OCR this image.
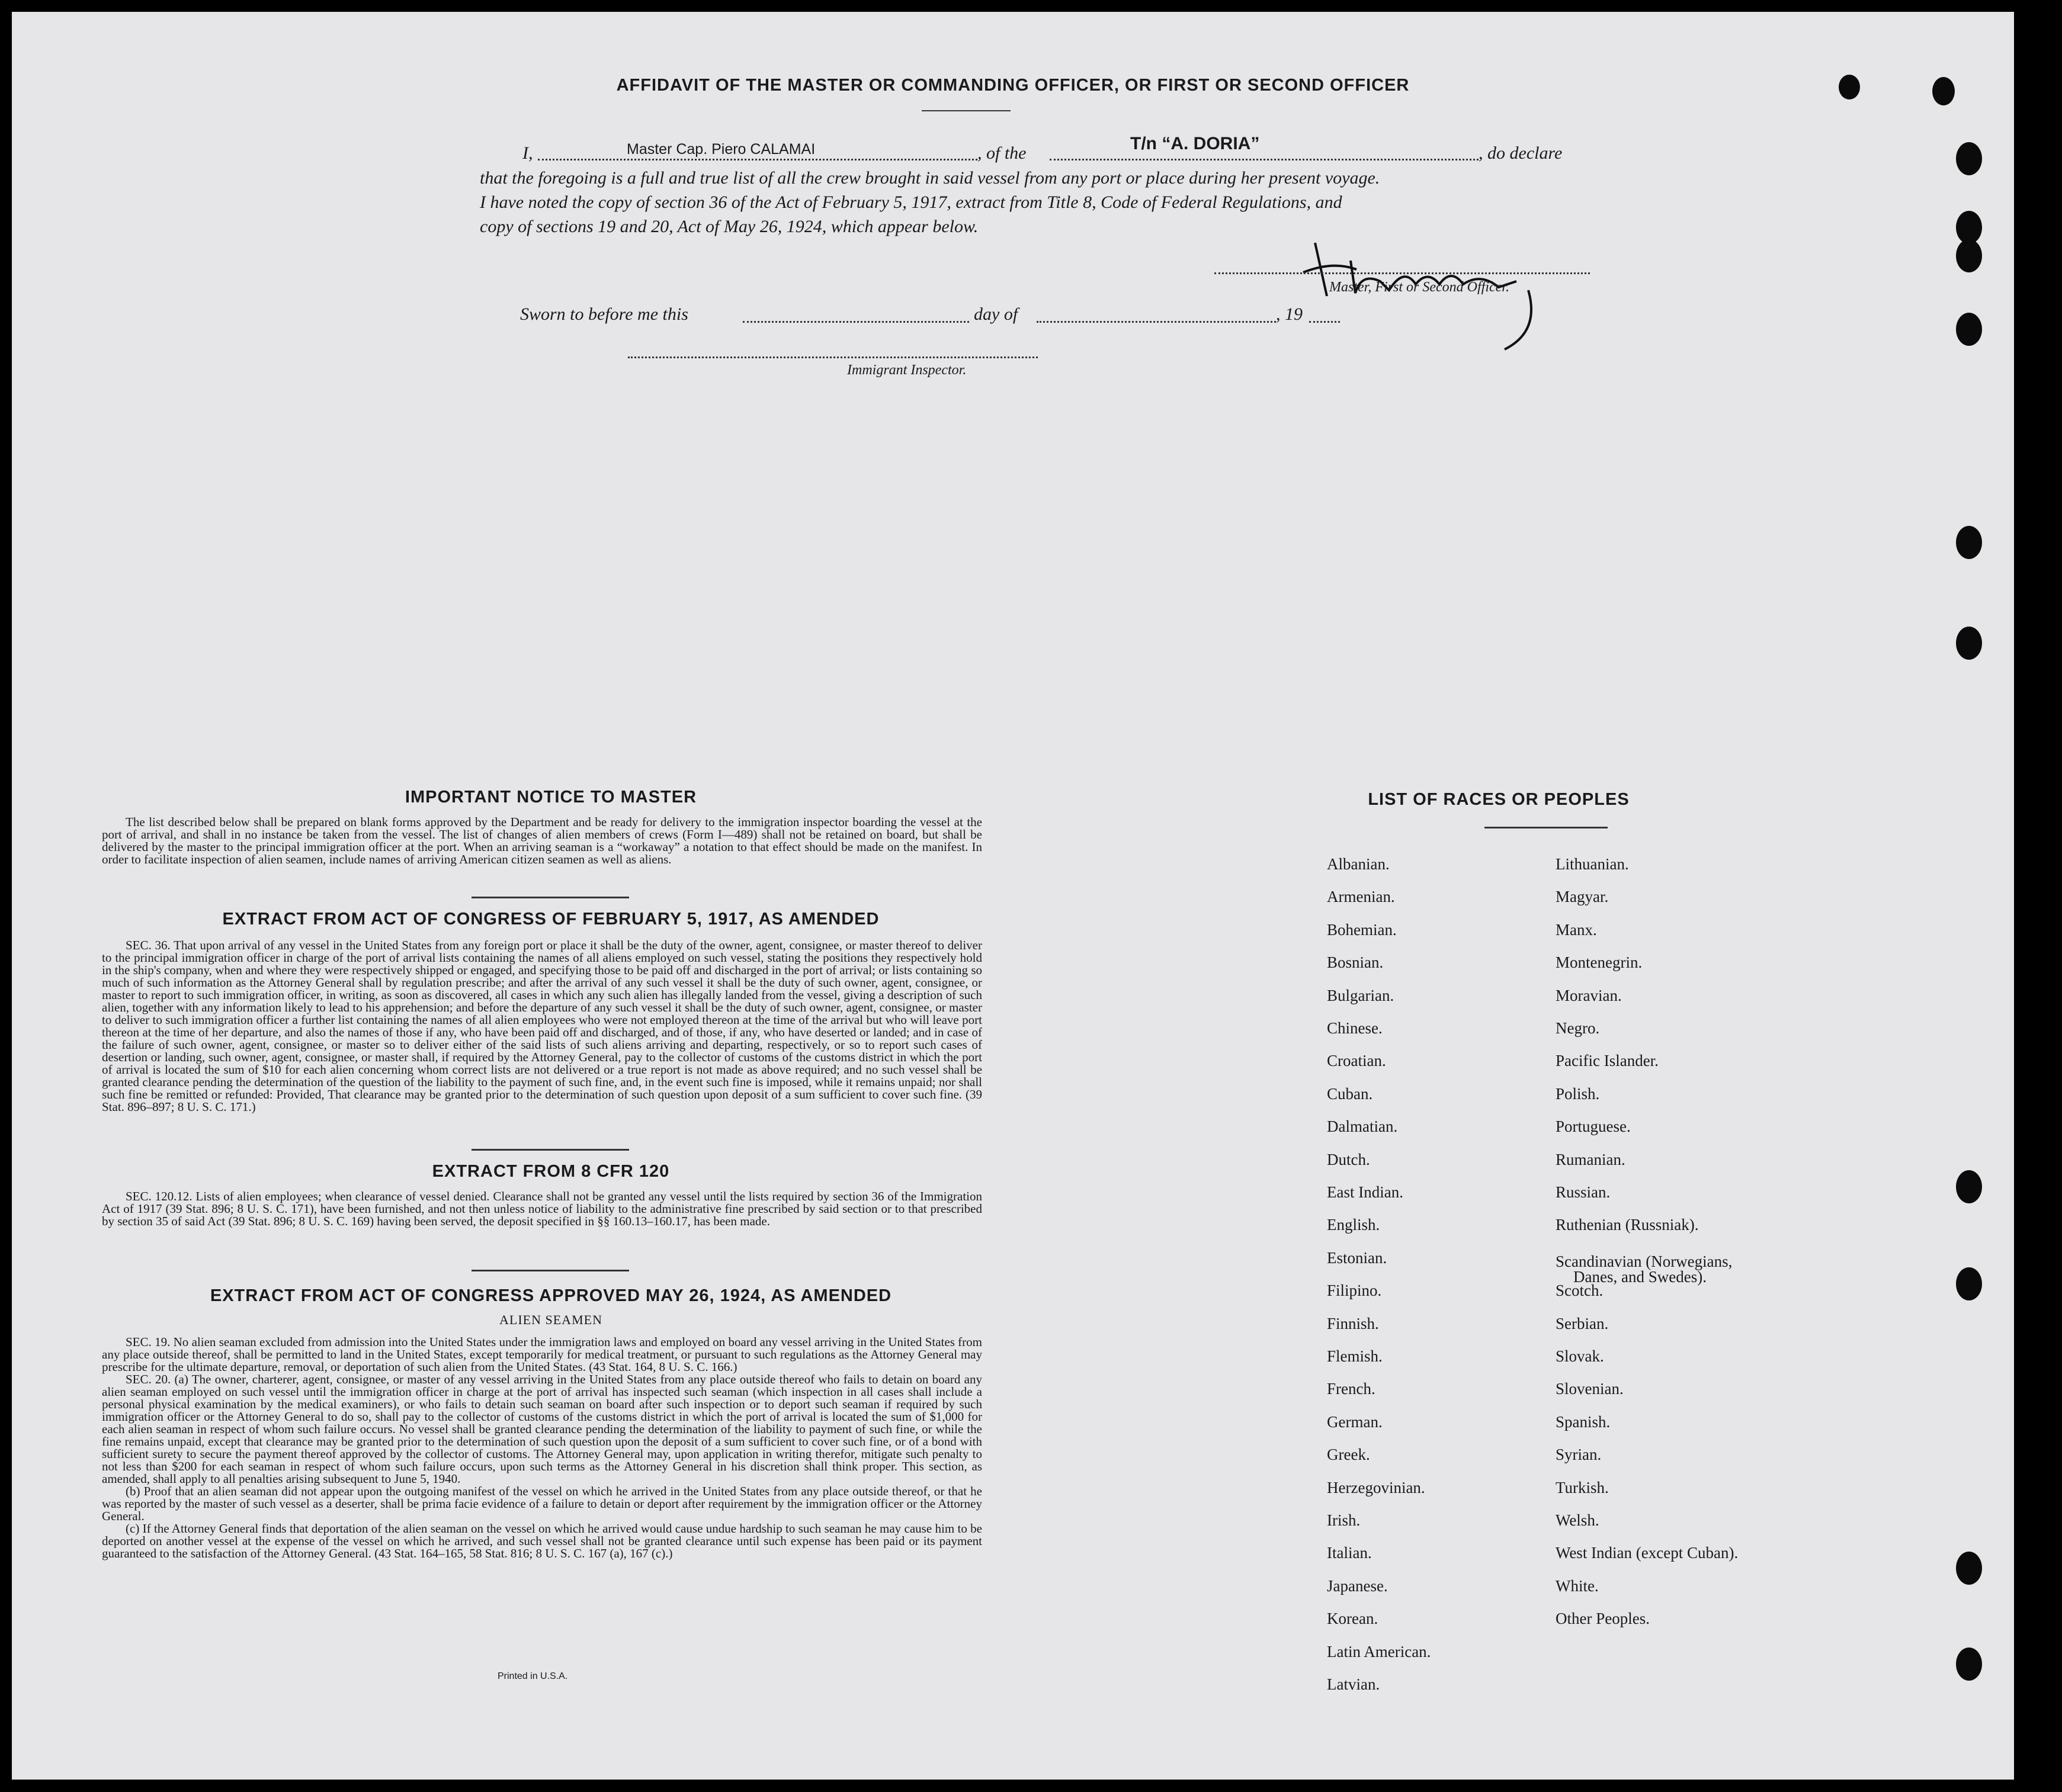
AFFIDAVIT OF THE MASTER OR COMMANDING OFFICER, OR FIRST OR SECOND OFFICER
I,	Master Cap. Piero CALAMAI	, of the	T/n “A. DORIA”	, do declare
that the foregoing is a full and true list of all the crew brought in said vessel from any port or place during her present voyage.
I have noted the copy of section 36 of the Act of February 5, 1917, extract from Title 8, Code of Federal Regulations, and
copy of sections 19 and 20, Act of May 26, 1924, which appear below.
Master, First or Second Officer.
Sworn to before me this	day of	, 19
Immigrant Inspector.
IMPORTANT NOTICE TO MASTER
The list described below shall be prepared on blank forms approved by the Department and be ready for delivery to the immigration inspector boarding the vessel at the port of arrival, and shall in no instance be taken from the vessel. The list of changes of alien members of crews (Form I—489) shall not be retained on board, but shall be delivered by the master to the principal immigration officer at the port. When an arriving seaman is a “workaway” a notation to that effect should be made on the manifest. In order to facilitate inspection of alien seamen, include names of arriving American citizen seamen as well as aliens.
EXTRACT FROM ACT OF CONGRESS OF FEBRUARY 5, 1917, AS AMENDED
SEC. 36. That upon arrival of any vessel in the United States from any foreign port or place it shall be the duty of the owner, agent, consignee, or master thereof to deliver to the principal immigration officer in charge of the port of arrival lists containing the names of all aliens employed on such vessel, stating the positions they respectively hold in the ship's company, when and where they were respectively shipped or engaged, and specifying those to be paid off and discharged in the port of arrival; or lists containing so much of such information as the Attorney General shall by regulation prescribe; and after the arrival of any such vessel it shall be the duty of such owner, agent, consignee, or master to report to such immigration officer, in writing, as soon as discovered, all cases in which any such alien has illegally landed from the vessel, giving a description of such alien, together with any information likely to lead to his apprehension; and before the departure of any such vessel it shall be the duty of such owner, agent, consignee, or master to deliver to such immigration officer a further list containing the names of all alien employees who were not employed thereon at the time of the arrival but who will leave port thereon at the time of her departure, and also the names of those if any, who have been paid off and discharged, and of those, if any, who have deserted or landed; and in case of the failure of such owner, agent, consignee, or master so to deliver either of the said lists of such aliens arriving and departing, respectively, or so to report such cases of desertion or landing, such owner, agent, consignee, or master shall, if required by the Attorney General, pay to the collector of customs of the customs district in which the port of arrival is located the sum of $10 for each alien concerning whom correct lists are not delivered or a true report is not made as above required; and no such vessel shall be granted clearance pending the determination of the question of the liability to the payment of such fine, and, in the event such fine is imposed, while it remains unpaid; nor shall such fine be remitted or refunded: Provided, That clearance may be granted prior to the determination of such question upon deposit of a sum sufficient to cover such fine. (39 Stat. 896–897; 8 U. S. C. 171.)
EXTRACT FROM 8 CFR 120
SEC. 120.12. Lists of alien employees; when clearance of vessel denied. Clearance shall not be granted any vessel until the lists required by section 36 of the Immigration Act of 1917 (39 Stat. 896; 8 U. S. C. 171), have been furnished, and not then unless notice of liability to the administrative fine prescribed by said section or to that prescribed by section 35 of said Act (39 Stat. 896; 8 U. S. C. 169) having been served, the deposit specified in §§ 160.13–160.17, has been made.
EXTRACT FROM ACT OF CONGRESS APPROVED MAY 26, 1924, AS AMENDED
ALIEN SEAMEN
SEC. 19. No alien seaman excluded from admission into the United States under the immigration laws and employed on board any vessel arriving in the United States from any place outside thereof, shall be permitted to land in the United States, except temporarily for medical treatment, or pursuant to such regulations as the Attorney General may prescribe for the ultimate departure, removal, or deportation of such alien from the United States. (43 Stat. 164, 8 U. S. C. 166.)
SEC. 20. (a) The owner, charterer, agent, consignee, or master of any vessel arriving in the United States from any place outside thereof who fails to detain on board any alien seaman employed on such vessel until the immigration officer in charge at the port of arrival has inspected such seaman (which inspection in all cases shall include a personal physical examination by the medical examiners), or who fails to detain such seaman on board after such inspection or to deport such seaman if required by such immigration officer or the Attorney General to do so, shall pay to the collector of customs of the customs district in which the port of arrival is located the sum of $1,000 for each alien seaman in respect of whom such failure occurs. No vessel shall be granted clearance pending the determination of the liability to payment of such fine, or while the fine remains unpaid, except that clearance may be granted prior to the determination of such question upon the deposit of a sum sufficient to cover such fine, or of a bond with sufficient surety to secure the payment thereof approved by the collector of customs. The Attorney General may, upon application in writing therefor, mitigate such penalty to not less than $200 for each seaman in respect of whom such failure occurs, upon such terms as the Attorney General in his discretion shall think proper. This section, as amended, shall apply to all penalties arising subsequent to June 5, 1940.
(b) Proof that an alien seaman did not appear upon the outgoing manifest of the vessel on which he arrived in the United States from any place outside thereof, or that he was reported by the master of such vessel as a deserter, shall be prima facie evidence of a failure to detain or deport after requirement by the immigration officer or the Attorney General.
(c) If the Attorney General finds that deportation of the alien seaman on the vessel on which he arrived would cause undue hardship to such seaman he may cause him to be deported on another vessel at the expense of the vessel on which he arrived, and such vessel shall not be granted clearance until such expense has been paid or its payment guaranteed to the satisfaction of the Attorney General. (43 Stat. 164–165, 58 Stat. 816; 8 U. S. C. 167 (a), 167 (c).)
Printed in U.S.A.
LIST OF RACES OR PEOPLES
Albanian.
Armenian.
Bohemian.
Bosnian.
Bulgarian.
Chinese.
Croatian.
Cuban.
Dalmatian.
Dutch.
East Indian.
English.
Estonian.
Filipino.
Finnish.
Flemish.
French.
German.
Greek.
Herzegovinian.
Irish.
Italian.
Japanese.
Korean.
Latin American.
Latvian.
Lithuanian.
Magyar.
Manx.
Montenegrin.
Moravian.
Negro.
Pacific Islander.
Polish.
Portuguese.
Rumanian.
Russian.
Ruthenian (Russniak).
Scandinavian (Norwegians,
Danes, and Swedes).
Scotch.
Serbian.
Slovak.
Slovenian.
Spanish.
Syrian.
Turkish.
Welsh.
West Indian (except Cuban).
White.
Other Peoples.
